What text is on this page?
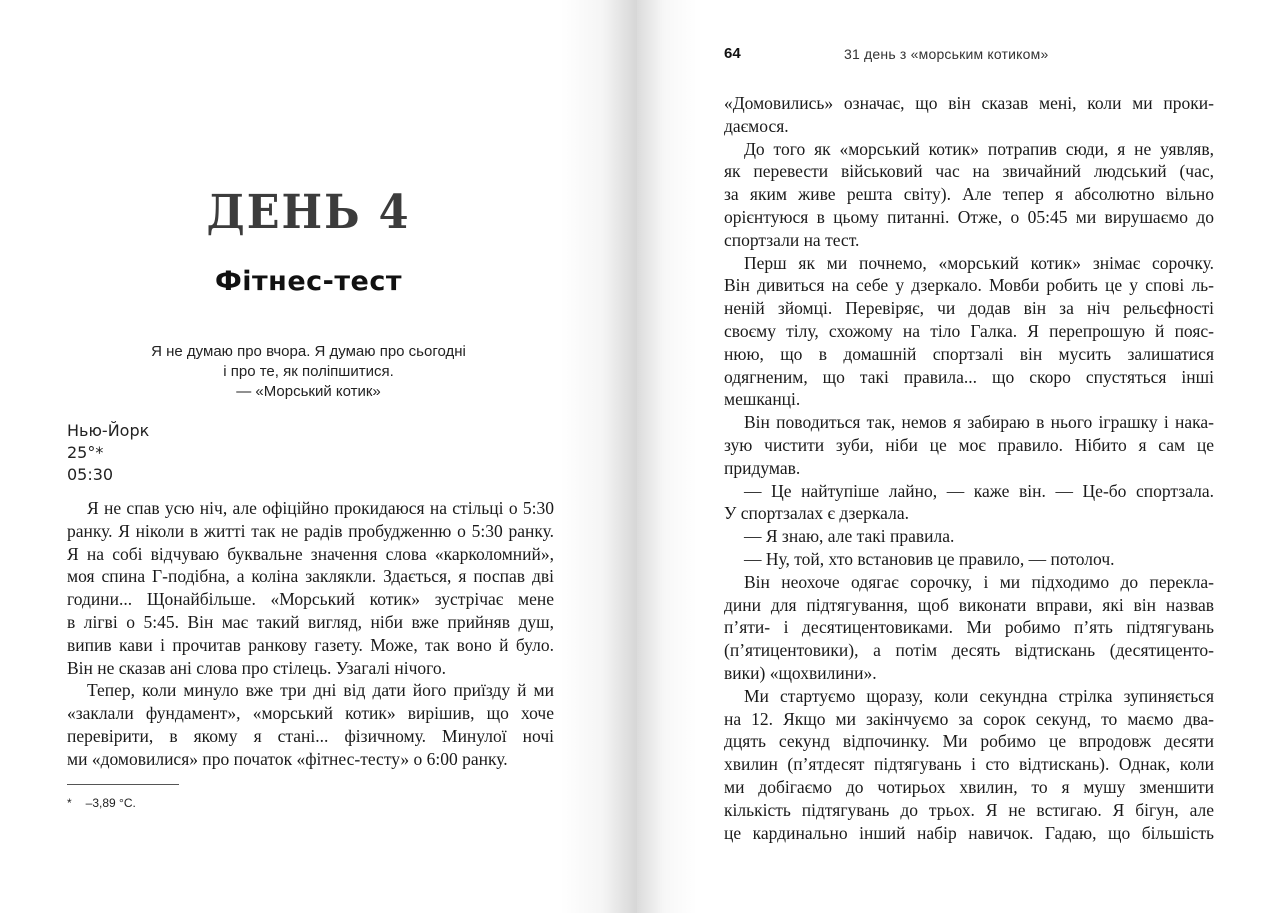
ДЕНЬ 4
Фітнес-тест
Я не думаю про вчора. Я думаю про сьогодні
і про те, як поліпшитися.
— «Морський котик»
Нью-Йорк
25°*
05:30
Я не спав усю ніч, але офіційно прокидаюся на стільці о 5:30
ранку. Я ніколи в житті так не радів пробудженню о 5:30 ранку.
Я на собі відчуваю буквальне значення слова «карколомний»,
моя спина Г-подібна, а коліна заклякли. Здається, я поспав дві
години... Щонайбільше. «Морський котик» зустрічає мене
в лігві о 5:45. Він має такий вигляд, ніби вже прийняв душ,
випив кави і прочитав ранкову газету. Може, так воно й було.
Він не сказав ані слова про стілець. Узагалі нічого.
Тепер, коли минуло вже три дні від дати його приїзду й ми
«заклали фундамент», «морський котик» вирішив, що хоче
перевірити, в якому я стані... фізичному. Минулої ночі
ми «домовилися» про початок «фітнес-тесту» о 6:00 ранку.
* –3,89 °C.
64	31 день з «морським котиком»
«Домовились» означає, що він сказав мені, коли ми проки-
даємося.
До того як «морський котик» потрапив сюди, я не уявляв,
як перевести військовий час на звичайний людський (час,
за яким живе решта світу). Але тепер я абсолютно вільно
орієнтуюся в цьому питанні. Отже, о 05:45 ми вирушаємо до
спортзали на тест.
Перш як ми почнемо, «морський котик» знімає сорочку.
Він дивиться на себе у дзеркало. Мовби робить це у спові ль-
неній зйомці. Перевіряє, чи додав він за ніч рельєфності
своєму тілу, схожому на тіло Галка. Я перепрошую й пояс-
нюю, що в домашній спортзалі він мусить залишатися
одягненим, що такі правила... що скоро спустяться інші
мешканці.
Він поводиться так, немов я забираю в нього іграшку і нака-
зую чистити зуби, ніби це моє правило. Нібито я сам це
придумав.
— Це найтупіше лайно, — каже він. — Це-бо спортзала.
У спортзалах є дзеркала.
— Я знаю, але такі правила.
— Ну, той, хто встановив це правило, — потолоч.
Він неохоче одягає сорочку, і ми підходимо до перекла-
дини для підтягування, щоб виконати вправи, які він назвав
п’яти- і десятицентовиками. Ми робимо п’ять підтягувань
(п’ятицентовики), а потім десять відтискань (десятиценто-
вики) «щохвилини».
Ми стартуємо щоразу, коли секундна стрілка зупиняється
на 12. Якщо ми закінчуємо за сорок секунд, то маємо два-
дцять секунд відпочинку. Ми робимо це впродовж десяти
хвилин (п’ятдесят підтягувань і сто відтискань). Однак, коли
ми добігаємо до чотирьох хвилин, то я мушу зменшити
кількість підтягувань до трьох. Я не встигаю. Я бігун, але
це кардинально інший набір навичок. Гадаю, що більшість
